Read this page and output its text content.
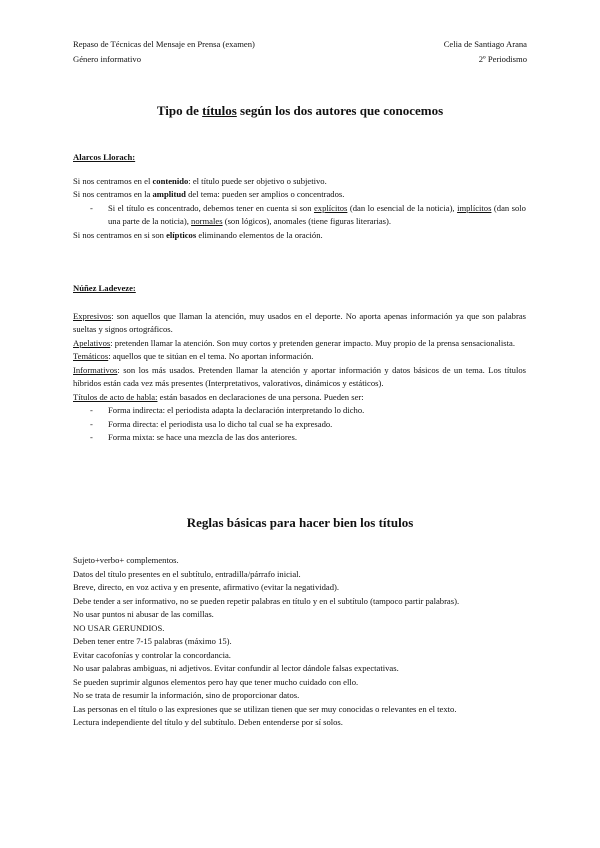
Repaso de Técnicas del Mensaje en Prensa (examen)
Género informativo
Celia de Santiago Arana
2º Periodismo
Tipo de títulos según los dos autores que conocemos

Alarcos Llorach:

Si nos centramos en el contenido: el título puede ser objetivo o subjetivo.

Si nos centramos en la amplitud del tema: pueden ser amplios o concentrados.

- Si el título es concentrado, debemos tener en cuenta si son explícitos (dan lo esencial de la noticia), implícitos (dan solo una parte de la noticia), normales (son lógicos), anomales (tiene figuras literarias).

Si nos centramos en si son elípticos eliminando elementos de la oración.

Núñez Ladeveze:

Expresivos: son aquellos que llaman la atención, muy usados en el deporte. No aporta apenas información ya que son palabras sueltas y signos ortográficos.

Apelativos: pretenden llamar la atención. Son muy cortos y pretenden generar impacto. Muy propio de la prensa sensacionalista.

Temáticos: aquellos que te sitúan en el tema. No aportan información.

Informativos: son los más usados. Pretenden llamar la atención y aportar información y datos básicos de un tema. Los títulos híbridos están cada vez más presentes (Interpretativos, valorativos, dinámicos y estáticos).

Títulos de acto de habla: están basados en declaraciones de una persona. Pueden ser:

- Forma indirecta: el periodista adapta la declaración interpretando lo dicho.
- Forma directa: el periodista usa lo dicho tal cual se ha expresado.
- Forma mixta: se hace una mezcla de las dos anteriores.
Reglas básicas para hacer bien los títulos

Sujeto+verbo+ complementos.

Datos del título presentes en el subtítulo, entradilla/párrafo inicial.

Breve, directo, en voz activa y en presente, afirmativo (evitar la negatividad).

Debe tender a ser informativo, no se pueden repetir palabras en título y en el subtítulo (tampoco partir palabras).

No usar puntos ni abusar de las comillas.

NO USAR GERUNDIOS.

Deben tener entre 7-15 palabras (máximo 15).

Evitar cacofonías y controlar la concordancia.

No usar palabras ambiguas, ni adjetivos. Evitar confundir al lector dándole falsas expectativas.

Se pueden suprimir algunos elementos pero hay que tener mucho cuidado con ello.

No se trata de resumir la información, sino de proporcionar datos.

Las personas en el título o las expresiones que se utilizan tienen que ser muy conocidas o relevantes en el texto.

Lectura independiente del título y del subtítulo. Deben entenderse por sí solos.
